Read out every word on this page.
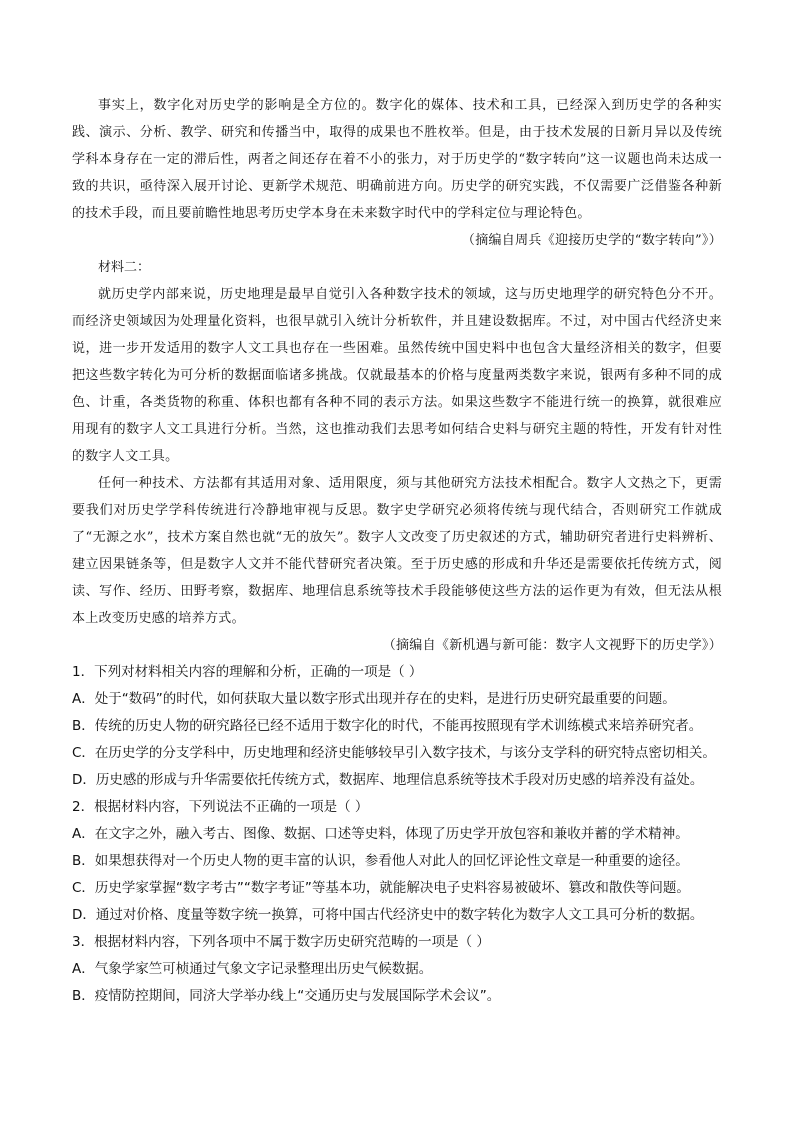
事实上，数字化对历史学的影响是全方位的。数字化的媒体、技术和工具，已经深入到历史学的各种实践、演示、分析、教学、研究和传播当中，取得的成果也不胜枚举。但是，由于技术发展的日新月异以及传统学科本身存在一定的滞后性，两者之间还存在着不小的张力，对于历史学的“数字转向”这一议题也尚未达成一致的共识，亟待深入展开讨论、更新学术规范、明确前进方向。历史学的研究实践，不仅需要广泛借鉴各种新的技术手段，而且要前瞻性地思考历史学本身在未来数字时代中的学科定位与理论特色。

（摘编自周兵《迎接历史学的“数字转向”》）

材料二：

就历史学内部来说，历史地理是最早自觉引入各种数字技术的领域，这与历史地理学的研究特色分不开。而经济史领域因为处理量化资料，也很早就引入统计分析软件，并且建设数据库。不过，对中国古代经济史来说，进一步开发适用的数字人文工具也存在一些困难。虽然传统中国史料中也包含大量经济相关的数字，但要把这些数字转化为可分析的数据面临诸多挑战。仅就最基本的价格与度量两类数字来说，银两有多种不同的成色、计重，各类货物的称重、体积也都有各种不同的表示方法。如果这些数字不能进行统一的换算，就很难应用现有的数字人文工具进行分析。当然，这也推动我们去思考如何结合史料与研究主题的特性，开发有针对性的数字人文工具。

任何一种技术、方法都有其适用对象、适用限度，须与其他研究方法技术相配合。数字人文热之下，更需要我们对历史学学科传统进行冷静地审视与反思。数字史学研究必须将传统与现代结合，否则研究工作就成了“无源之水”，技术方案自然也就“无的放矢”。数字人文改变了历史叙述的方式，辅助研究者进行史料辨析、建立因果链条等，但是数字人文并不能代替研究者决策。至于历史感的形成和升华还是需要依托传统方式，阅读、写作、经历、田野考察，数据库、地理信息系统等技术手段能够使这些方法的运作更为有效，但无法从根本上改变历史感的培养方式。

（摘编自《新机遇与新可能：数字人文视野下的历史学》）

1．下列对材料相关内容的理解和分析，正确的一项是（ ）

A．处于“数码”的时代，如何获取大量以数字形式出现并存在的史料，是进行历史研究最重要的问题。

B．传统的历史人物的研究路径已经不适用于数字化的时代，不能再按照现有学术训练模式来培养研究者。

C．在历史学的分支学科中，历史地理和经济史能够较早引入数字技术，与该分支学科的研究特点密切相关。

D．历史感的形成与升华需要依托传统方式，数据库、地理信息系统等技术手段对历史感的培养没有益处。

2．根据材料内容，下列说法不正确的一项是（ ）

A．在文字之外，融入考古、图像、数据、口述等史料，体现了历史学开放包容和兼收并蓄的学术精神。

B．如果想获得对一个历史人物的更丰富的认识，参看他人对此人的回忆评论性文章是一种重要的途径。

C．历史学家掌握“数字考古”“数字考证”等基本功，就能解决电子史料容易被破坏、篡改和散佚等问题。

D．通过对价格、度量等数字统一换算，可将中国古代经济史中的数字转化为数字人文工具可分析的数据。

3．根据材料内容，下列各项中不属于数字历史研究范畴的一项是（ ）

A．气象学家竺可桢通过气象文字记录整理出历史气候数据。

B．疫情防控期间，同济大学举办线上“交通历史与发展国际学术会议”。
